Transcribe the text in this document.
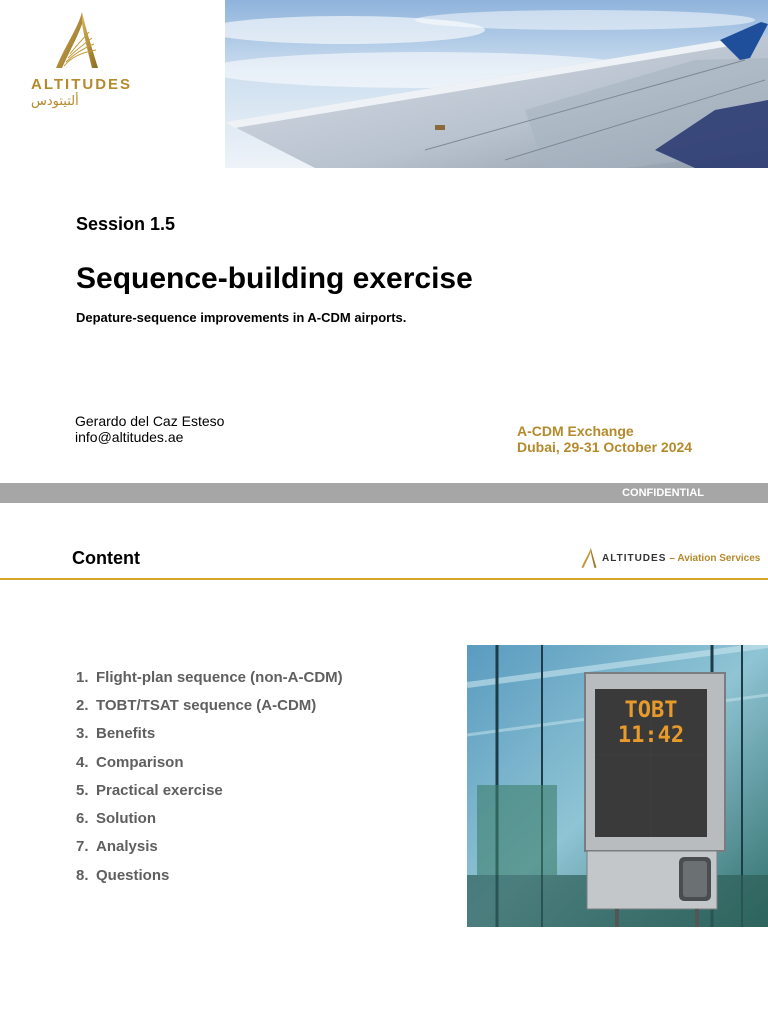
ALTITUDES
ألتيتودس
Session 1.5
Sequence-building exercise
Depature-sequence improvements in A-CDM airports.
Gerardo del Caz Esteso
info@altitudes.ae	A-CDM Exchange
Dubai, 29-31 October 2024
CONFIDENTIAL
Content	ALTITUDES – Aviation Services
1. Flight-plan sequence (non-A-CDM)
2. TOBT/TSAT sequence (A-CDM)
3. Benefits
4. Comparison
5. Practical exercise
6. Solution
7. Analysis
8. Questions
TOBT
11:42
